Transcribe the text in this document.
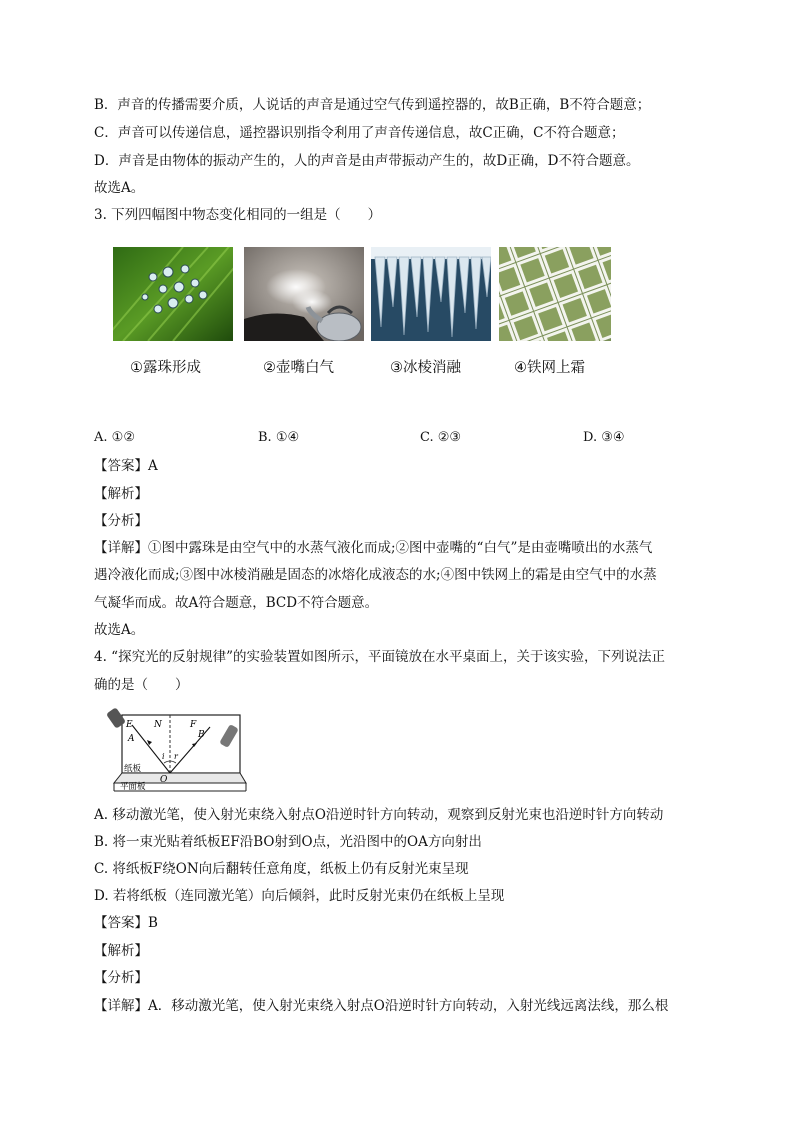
B．声音的传播需要介质，人说话的声音是通过空气传到遥控器的，故B正确，B不符合题意；
C．声音可以传递信息，遥控器识别指令利用了声音传递信息，故C正确，C不符合题意；
D．声音是由物体的振动产生的，人的声音是由声带振动产生的，故D正确，D不符合题意。
故选A。
3. 下列四幅图中物态变化相同的一组是（　　）
①露珠形成	②壶嘴白气	③冰棱消融	④铁网上霜
A. ①②	B. ①④	C. ②③	D. ③④
【答案】A
【解析】
【分析】
【详解】①图中露珠是由空气中的水蒸气液化而成;②图中壶嘴的“白气”是由壶嘴喷出的水蒸气
遇冷液化而成;③图中冰棱消融是固态的冰熔化成液态的水;④图中铁网上的霜是由空气中的水蒸
气凝华而成。故A符合题意，BCD不符合题意。
故选A。
4. “探究光的反射规律”的实验装置如图所示，平面镜放在水平桌面上，关于该实验，下列说法正
确的是（　　）
E N	F
A	B
i r
O
纸板
平面板
A. 移动激光笔，使入射光束绕入射点O沿逆时针方向转动，观察到反射光束也沿逆时针方向转动
B. 将一束光贴着纸板EF沿BO射到O点，光沿图中的OA方向射出
C. 将纸板F绕ON向后翻转任意角度，纸板上仍有反射光束呈现
D. 若将纸板（连同激光笔）向后倾斜，此时反射光束仍在纸板上呈现
【答案】B
【解析】
【分析】
【详解】A．移动激光笔，使入射光束绕入射点O沿逆时针方向转动，入射光线远离法线，那么根
